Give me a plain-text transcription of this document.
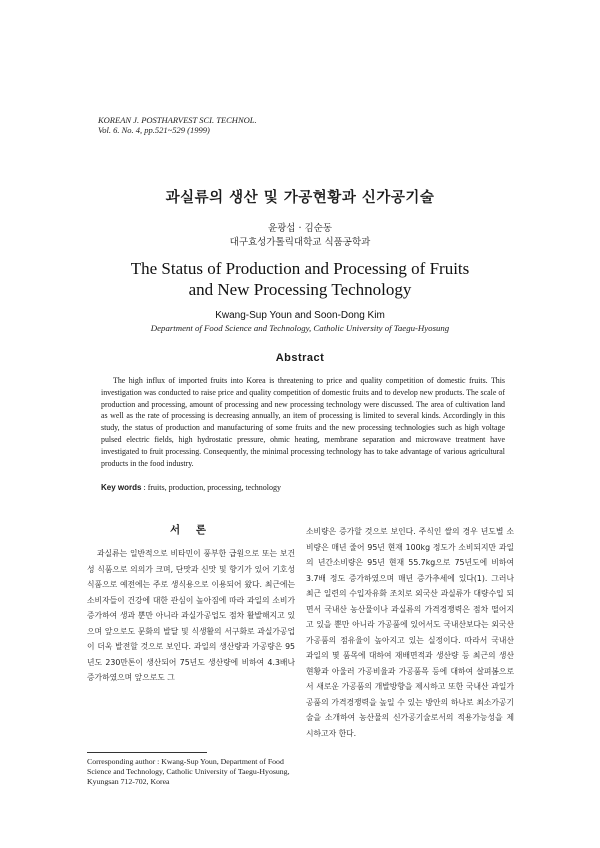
KOREAN J. POSTHARVEST SCI. TECHNOL.
Vol. 6. No. 4, pp.521~529 (1999)
과실류의 생산 및 가공현황과 신가공기술
윤광섭 · 김순동
대구효성가톨릭대학교 식품공학과
The Status of Production and Processing of Fruits
and New Processing Technology
Kwang-Sup Youn and Soon-Dong Kim
Department of Food Science and Technology, Catholic University of Taegu-Hyosung
Abstract
The high influx of imported fruits into Korea is threatening to price and quality competition of domestic fruits. This investigation was conducted to raise price and quality competition of domestic fruits and to develop new products. The scale of production and processing, amount of processing and new processing technology were discussed. The area of cultivation land as well as the rate of processing is decreasing annually, an item of processing is limited to several kinds. Accordingly in this study, the status of production and manufacturing of some fruits and the new processing technologies such as high voltage pulsed electric fields, high hydrostatic pressure, ohmic heating, membrane separation and microwave treatment have investigated to fruit processing. Consequently, the minimal processing technology has to take advantage of various agricultural products in the food industry.
Key words : fruits, production, processing, technology
서 론
과실류는 일반적으로 비타민이 풍부한 급원으로 또는 보건성 식품으로 의의가 크며, 단맛과 신맛 및 향기가 있어 기호성 식품으로 예전에는 주로 생식용으로 이용되어 왔다. 최근에는 소비자들이 건강에 대한 관심이 높아짐에 따라 과일의 소비가 증가하여 생과 뿐만 아니라 과실가공업도 점차 활발해지고 있으며 앞으로도 문화의 발달 및 식생활의 서구화로 과실가공업이 더욱 발전할 것으로 보인다. 과일의 생산량과 가공량은 95년도 230만톤이 생산되어 75년도 생산량에 비하여 4.3배나 증가하였으며 앞으로도 그
소비량은 증가할 것으로 보인다. 주식인 쌀의 경우 년도별 소비량은 매년 줄어 95년 현재 100kg 정도가 소비되지만 과일의 년간소비량은 95년 현재 55.7kg으로 75년도에 비하여 3.7배 정도 증가하였으며 매년 증가추세에 있다(1). 그러나 최근 일련의 수입자유화 조치로 외국산 과실류가 대량수입 되면서 국내산 농산물이나 과실류의 가격경쟁력은 점차 떨어지고 있을 뿐만 아니라 가공품에 있어서도 국내산보다는 외국산 가공품의 점유율이 높아지고 있는 실정이다. 따라서 국내산 과일의 몇 품목에 대하여 재배면적과 생산량 등 최근의 생산현황과 아울러 가공비율과 가공품목 등에 대하여 살펴봄으로서 새로운 가공품의 개발방향을 제시하고 또한 국내산 과일가공품의 가격경쟁력을 높일 수 있는 방안의 하나로 최소가공기술을 소개하여 농산물의 신가공기술로서의 적용가능성을 제시하고자 한다.
Corresponding author : Kwang-Sup Youn, Department of Food Science and Technology, Catholic University of Taegu-Hyosung, Kyungsan 712-702, Korea
